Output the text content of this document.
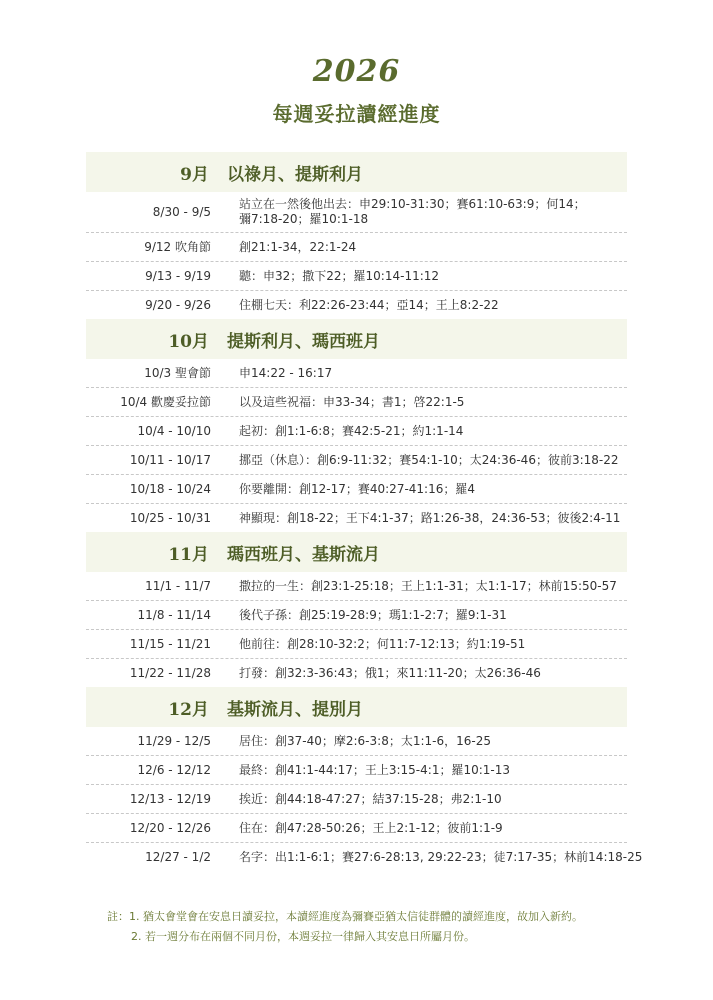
2026
每週妥拉讀經進度
9月 以祿月、提斯利月
8/30 - 9/5
站立在一然後他出去：申29:10-31:30；賽61:10-63:9；何14；
彌7:18-20；羅10:1-18
9/12 吹角節 創21:1-34，22:1-24
9/13 - 9/19 聽：申32；撒下22；羅10:14-11:12
9/20 - 9/26 住棚七天：利22:26-23:44；亞14；王上8:2-22
10月 提斯利月、瑪西班月
10/3 聖會節 申14:22 - 16:17
10/4 歡慶妥拉節 以及這些祝福：申33-34；書1；啓22:1-5
10/4 - 10/10 起初：創1:1-6:8；賽42:5-21；約1:1-14
10/11 - 10/17 挪亞（休息）：創6:9-11:32；賽54:1-10；太24:36-46；彼前3:18-22
10/18 - 10/24 你要離開：創12-17；賽40:27-41:16；羅4
10/25 - 10/31 神顯現：創18-22；王下4:1-37；路1:26-38，24:36-53；彼後2:4-11
11月 瑪西班月、基斯流月
11/1 - 11/7 撒拉的一生：創23:1-25:18；王上1:1-31；太1:1-17；林前15:50-57
11/8 - 11/14 後代子孫：創25:19-28:9；瑪1:1-2:7；羅9:1-31
11/15 - 11/21 他前往：創28:10-32:2；何11:7-12:13；約1:19-51
11/22 - 11/28 打發：創32:3-36:43；俄1；來11:11-20；太26:36-46
12月 基斯流月、提別月
11/29 - 12/5 居住：創37-40；摩2:6-3:8；太1:1-6，16-25
12/6 - 12/12 最終：創41:1-44:17；王上3:15-4:1；羅10:1-13
12/13 - 12/19 挨近：創44:18-47:27；結37:15-28；弗2:1-10
12/20 - 12/26 住在：創47:28-50:26；王上2:1-12；彼前1:1-9
12/27 - 1/2 名字：出1:1-6:1；賽27:6-28:13, 29:22-23；徒7:17-35；林前14:18-25
註：1. 猶太會堂會在安息日讀妥拉，本讀經進度為彌賽亞猶太信徒群體的讀經進度，故加入新約。
2. 若一週分布在兩個不同月份，本週妥拉一律歸入其安息日所屬月份。
